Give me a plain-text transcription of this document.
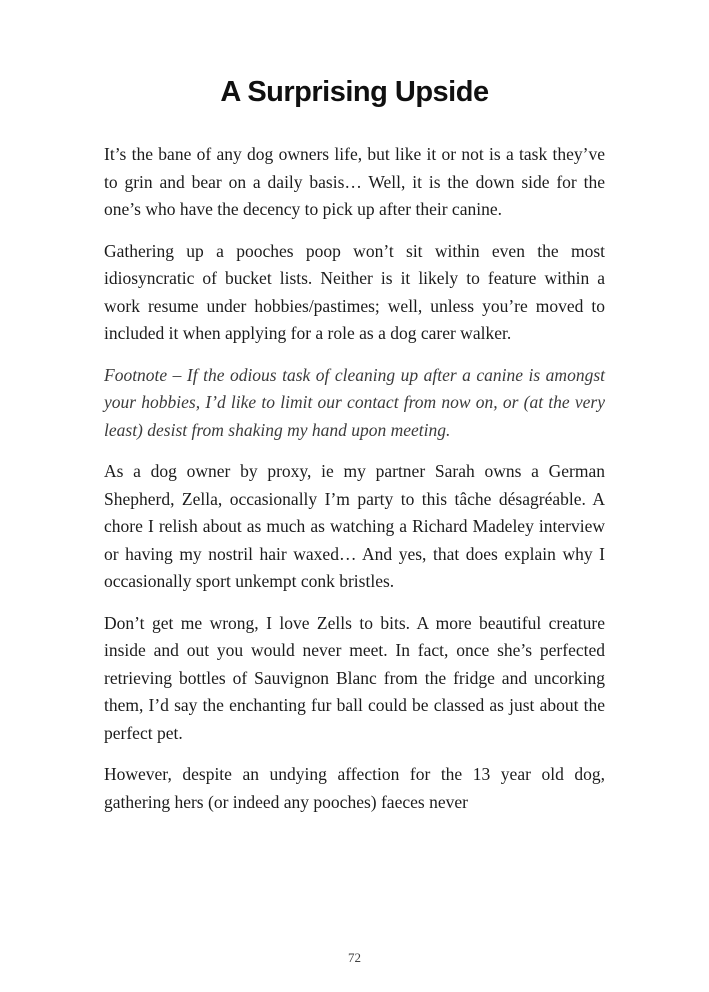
A Surprising Upside

It’s the bane of any dog owners life, but like it or not is a task they’ve to grin and bear on a daily basis… Well, it is the down side for the one’s who have the decency to pick up after their canine.

Gathering up a pooches poop won’t sit within even the most idiosyncratic of bucket lists. Neither is it likely to feature within a work resume under hobbies/pastimes; well, unless you’re moved to included it when applying for a role as a dog carer walker.

Footnote – If the odious task of cleaning up after a canine is amongst your hobbies, I’d like to limit our contact from now on, or (at the very least) desist from shaking my hand upon meeting.

As a dog owner by proxy, ie my partner Sarah owns a German Shepherd, Zella, occasionally I’m party to this tâche désagréable. A chore I relish about as much as watching a Richard Madeley interview or having my nostril hair waxed… And yes, that does explain why I occasionally sport unkempt conk bristles.

Don’t get me wrong, I love Zells to bits. A more beautiful creature inside and out you would never meet. In fact, once she’s perfected retrieving bottles of Sauvignon Blanc from the fridge and uncorking them, I’d say the enchanting fur ball could be classed as just about the perfect pet.

However, despite an undying affection for the 13 year old dog, gathering hers (or indeed any pooches) faeces never

72
